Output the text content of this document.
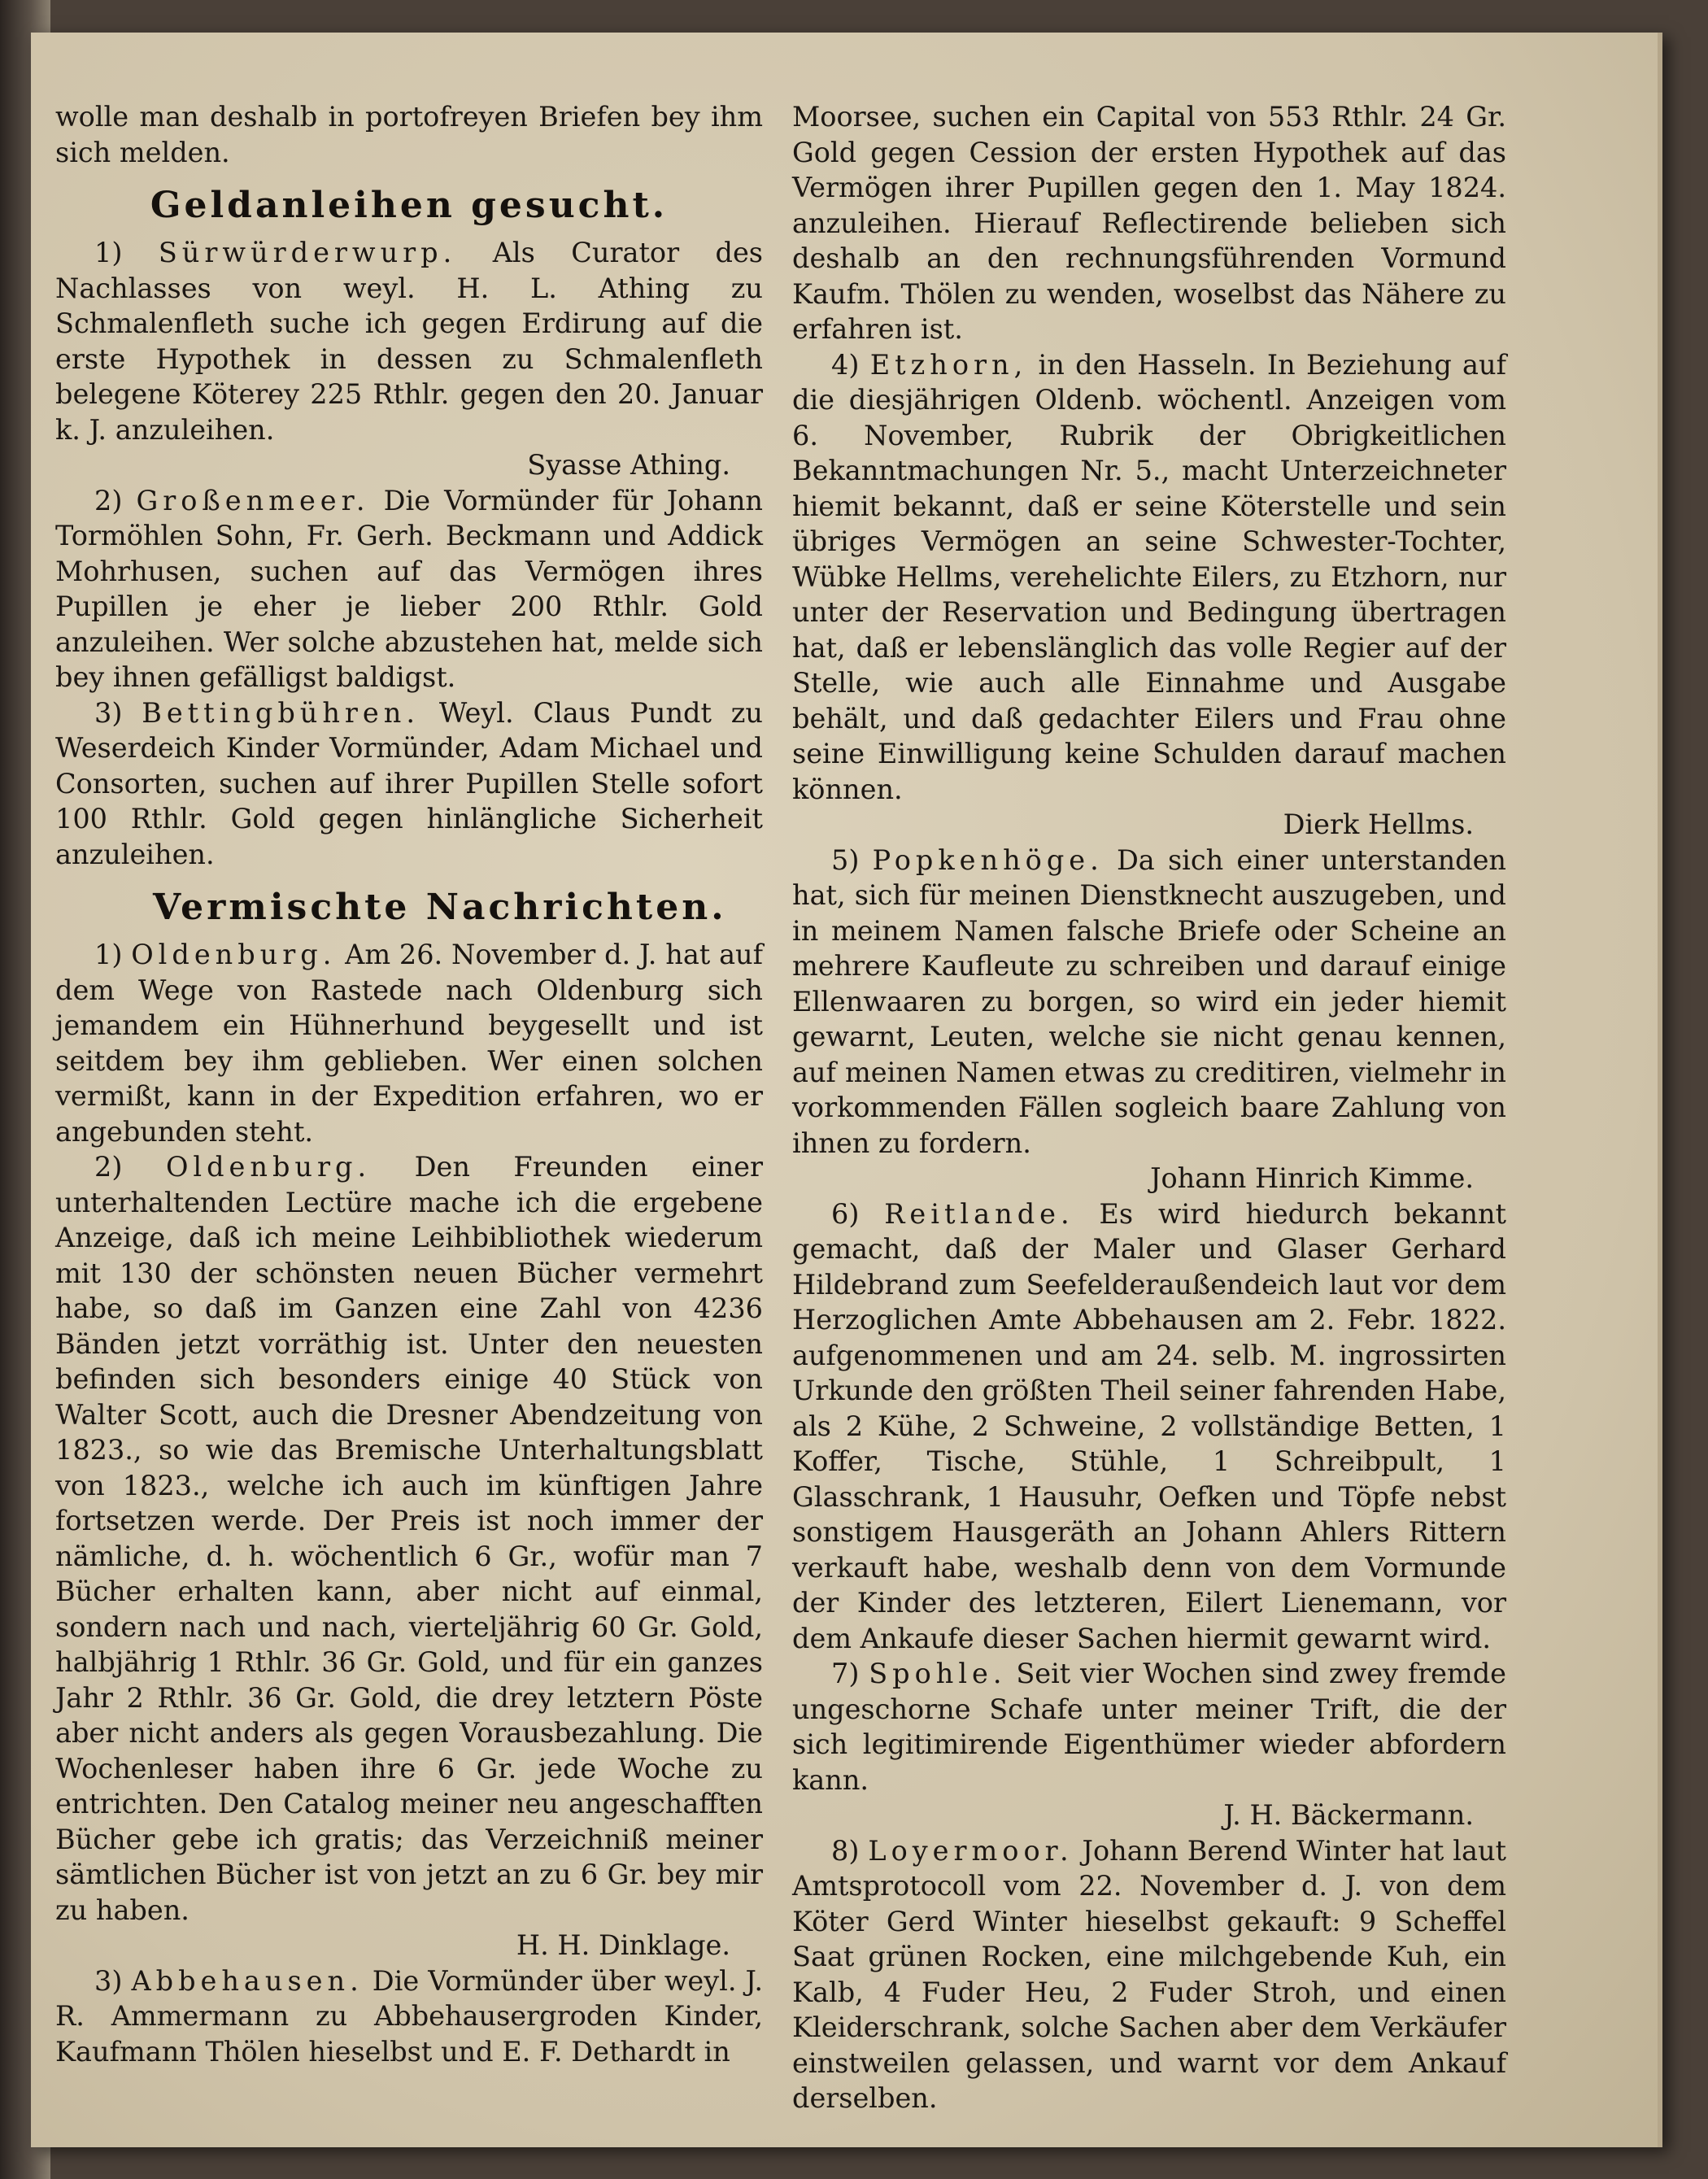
wolle man deshalb in portofreyen Briefen bey ihm sich melden.

Geldanleihen gesucht.

1) Sürwürderwurp. Als Curator des Nachlasses von weyl. H. L. Athing zu Schmalenfleth suche ich gegen Erdirung auf die erste Hypothek in dessen zu Schmalenfleth belegene Köterey 225 Rthlr. gegen den 20. Januar k. J. anzuleihen.

Syasse Athing.

2) Großenmeer. Die Vormünder für Johann Tormöhlen Sohn, Fr. Gerh. Beckmann und Addick Mohrhusen, suchen auf das Vermögen ihres Pupillen je eher je lieber 200 Rthlr. Gold anzuleihen. Wer solche abzustehen hat, melde sich bey ihnen gefälligst baldigst.

3) Bettingbühren. Weyl. Claus Pundt zu Weserdeich Kinder Vormünder, Adam Michael und Consorten, suchen auf ihrer Pupillen Stelle sofort 100 Rthlr. Gold gegen hinlängliche Sicherheit anzuleihen.

Vermischte Nachrichten.

1) Oldenburg. Am 26. November d. J. hat auf dem Wege von Rastede nach Oldenburg sich jemandem ein Hühnerhund beygesellt und ist seitdem bey ihm geblieben. Wer einen solchen vermißt, kann in der Expedition erfahren, wo er angebunden steht.

2) Oldenburg. Den Freunden einer unterhaltenden Lectüre mache ich die ergebene Anzeige, daß ich meine Leihbibliothek wiederum mit 130 der schönsten neuen Bücher vermehrt habe, so daß im Ganzen eine Zahl von 4236 Bänden jetzt vorräthig ist. Unter den neuesten befinden sich besonders einige 40 Stück von Walter Scott, auch die Dresner Abendzeitung von 1823., so wie das Bremische Unterhaltungsblatt von 1823., welche ich auch im künftigen Jahre fortsetzen werde. Der Preis ist noch immer der nämliche, d. h. wöchentlich 6 Gr., wofür man 7 Bücher erhalten kann, aber nicht auf einmal, sondern nach und nach, vierteljährig 60 Gr. Gold, halbjährig 1 Rthlr. 36 Gr. Gold, und für ein ganzes Jahr 2 Rthlr. 36 Gr. Gold, die drey letztern Pöste aber nicht anders als gegen Vorausbezahlung. Die Wochenleser haben ihre 6 Gr. jede Woche zu entrichten. Den Catalog meiner neu angeschafften Bücher gebe ich gratis; das Verzeichniß meiner sämtlichen Bücher ist von jetzt an zu 6 Gr. bey mir zu haben.

H. H. Dinklage.

3) Abbehausen. Die Vormünder über weyl. J. R. Ammermann zu Abbehausergroden Kinder, Kaufmann Thölen hieselbst und E. F. Dethardt in

Moorsee, suchen ein Capital von 553 Rthlr. 24 Gr. Gold gegen Cession der ersten Hypothek auf das Vermögen ihrer Pupillen gegen den 1. May 1824. anzuleihen. Hierauf Reflectirende belieben sich deshalb an den rechnungsführenden Vormund Kaufm. Thölen zu wenden, woselbst das Nähere zu erfahren ist.

4) Etzhorn, in den Hasseln. In Beziehung auf die diesjährigen Oldenb. wöchentl. Anzeigen vom 6. November, Rubrik der Obrigkeitlichen Bekanntmachungen Nr. 5., macht Unterzeichneter hiemit bekannt, daß er seine Köterstelle und sein übriges Vermögen an seine Schwester-Tochter, Wübke Hellms, verehelichte Eilers, zu Etzhorn, nur unter der Reservation und Bedingung übertragen hat, daß er lebenslänglich das volle Regier auf der Stelle, wie auch alle Einnahme und Ausgabe behält, und daß gedachter Eilers und Frau ohne seine Einwilligung keine Schulden darauf machen können.

Dierk Hellms.

5) Popkenhöge. Da sich einer unterstanden hat, sich für meinen Dienstknecht auszugeben, und in meinem Namen falsche Briefe oder Scheine an mehrere Kaufleute zu schreiben und darauf einige Ellenwaaren zu borgen, so wird ein jeder hiemit gewarnt, Leuten, welche sie nicht genau kennen, auf meinen Namen etwas zu creditiren, vielmehr in vorkommenden Fällen sogleich baare Zahlung von ihnen zu fordern.

Johann Hinrich Kimme.

6) Reitlande. Es wird hiedurch bekannt gemacht, daß der Maler und Glaser Gerhard Hildebrand zum Seefelderaußendeich laut vor dem Herzoglichen Amte Abbehausen am 2. Febr. 1822. aufgenommenen und am 24. selb. M. ingrossirten Urkunde den größten Theil seiner fahrenden Habe, als 2 Kühe, 2 Schweine, 2 vollständige Betten, 1 Koffer, Tische, Stühle, 1 Schreibpult, 1 Glasschrank, 1 Hausuhr, Oefken und Töpfe nebst sonstigem Hausgeräth an Johann Ahlers Rittern verkauft habe, weshalb denn von dem Vormunde der Kinder des letzteren, Eilert Lienemann, vor dem Ankaufe dieser Sachen hiermit gewarnt wird.

7) Spohle. Seit vier Wochen sind zwey fremde ungeschorne Schafe unter meiner Trift, die der sich legitimirende Eigenthümer wieder abfordern kann.

J. H. Bäckermann.

8) Loyermoor. Johann Berend Winter hat laut Amtsprotocoll vom 22. November d. J. von dem Köter Gerd Winter hieselbst gekauft: 9 Scheffel Saat grünen Rocken, eine milchgebende Kuh, ein Kalb, 4 Fuder Heu, 2 Fuder Stroh, und einen Kleiderschrank, solche Sachen aber dem Verkäufer einstweilen gelassen, und warnt vor dem Ankauf derselben.
